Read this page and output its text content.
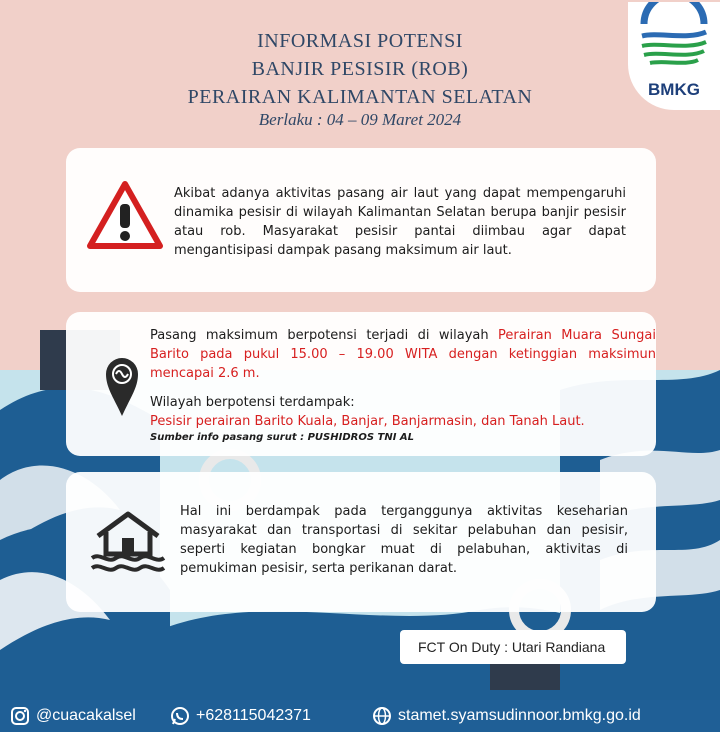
BMKG
INFORMASI POTENSI
BANJIR PESISIR (ROB)
PERAIRAN KALIMANTAN SELATAN
Berlaku : 04 – 09 Maret 2024
Akibat adanya aktivitas pasang air laut yang dapat mempengaruhi dinamika pesisir di wilayah Kalimantan Selatan berupa banjir pesisir atau rob. Masyarakat pesisir pantai diimbau agar dapat mengantisipasi dampak pasang maksimum air laut.

Pasang maksimum berpotensi terjadi di wilayah Perairan Muara Sungai Barito pada pukul 15.00 – 19.00 WITA dengan ketinggian maksimun mencapai 2.6 m.

Wilayah berpotensi terdampak:

Pesisir perairan Barito Kuala, Banjar, Banjarmasin, dan Tanah Laut.

Sumber info pasang surut : PUSHIDROS TNI AL

Hal ini berdampak pada terganggunya aktivitas keseharian masyarakat dan transportasi di sekitar pelabuhan dan pesisir, seperti kegiatan bongkar muat di pelabuhan, aktivitas di pemukiman pesisir, serta perikanan darat.
FCT On Duty : Utari Randiana
@cuacakalsel	+628115042371	stamet.syamsudinnoor.bmkg.go.id
